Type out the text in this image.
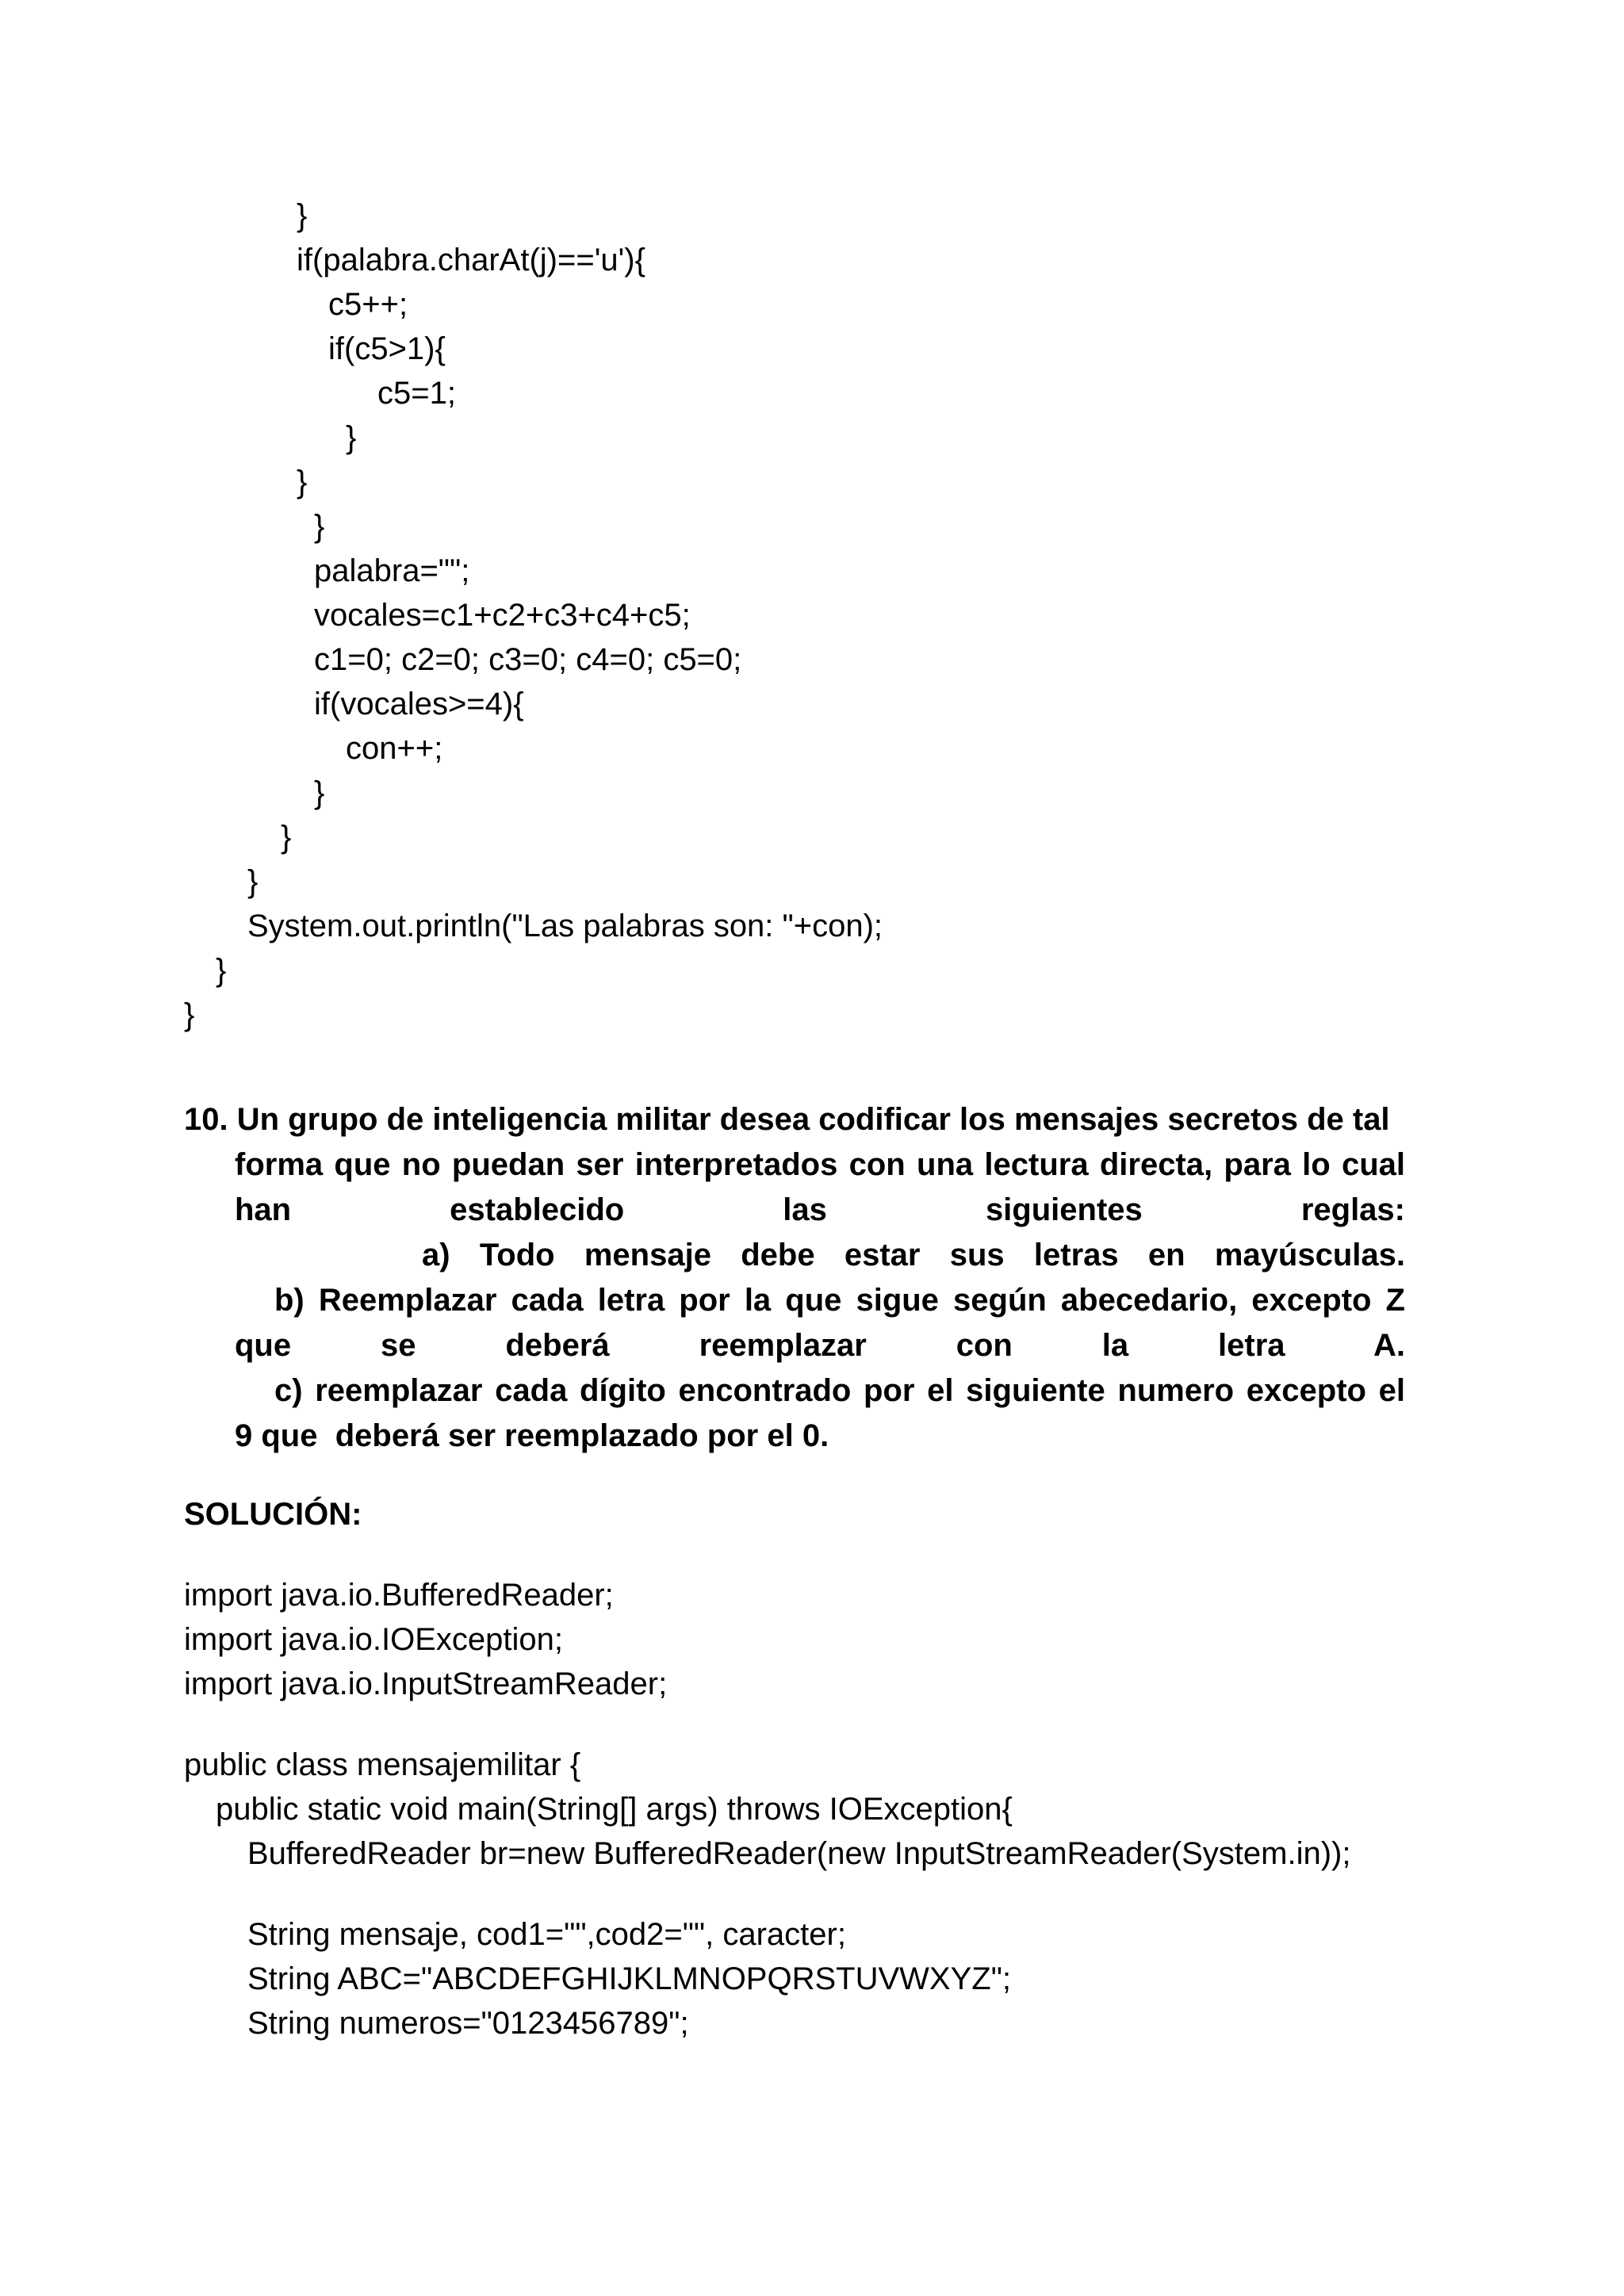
}
if(palabra.charAt(j)=='u'){
c5++;
if(c5>1){
c5=1;
}
}
}
palabra="";
vocales=c1+c2+c3+c4+c5;
c1=0; c2=0; c3=0; c4=0; c5=0;
if(vocales>=4){
con++;
}
}
}
System.out.println("Las palabras son: "+con);
}
}
10. Un grupo de inteligencia militar desea codificar los mensajes secretos de tal
forma que no puedan ser interpretados con una lectura directa, para lo cual
han establecido las siguientes reglas:
a) Todo mensaje debe estar sus letras en mayúsculas.
b) Reemplazar cada letra por la que sigue según abecedario, excepto Z
que se deberá reemplazar con la letra A.
c) reemplazar cada dígito encontrado por el siguiente numero excepto el
9 que  deberá ser reemplazado por el 0.
SOLUCIÓN:
import java.io.BufferedReader;
import java.io.IOException;
import java.io.InputStreamReader;
public class mensajemilitar {
public static void main(String[] args) throws IOException{
BufferedReader br=new BufferedReader(new InputStreamReader(System.in));
String mensaje, cod1="",cod2="", caracter;
String ABC="ABCDEFGHIJKLMNOPQRSTUVWXYZ";
String numeros="0123456789";
